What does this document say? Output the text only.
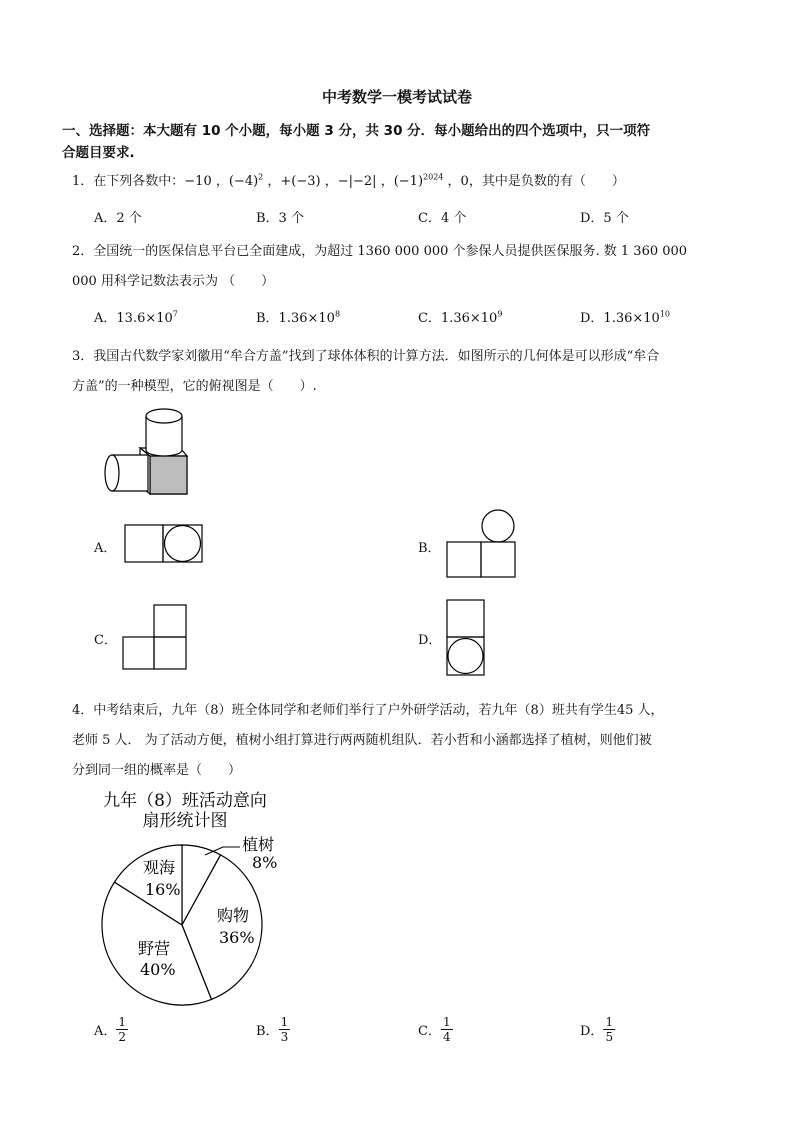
中考数学一模考试试卷
一、选择题：本大题有 10 个小题，每小题 3 分，共 30 分．每小题给出的四个选项中，只一项符
合题目要求.
1．在下列各数中：−10 ，$(-4)^2$ ，+(−3) ，−|−2| ，$(-1)^{2024}$ ，0，其中是负数的有（　　）
A．2 个	B．3 个	C．4 个	D．5 个
2．全国统一的医保信息平台已全面建成，为超过 1360 000 000 个参保人员提供医保服务. 数 1 360 000
000 用科学记数法表示为 （　　）
A．$13.6\times 10^7$	B．$1.36\times 10^8$	C．$1.36\times 10^9$	D．$1.36\times 10^{10}$
3．我国古代数学家刘徽用“牟合方盖”找到了球体体积的计算方法．如图所示的几何体是可以形成“牟合
方盖”的一种模型，它的俯视图是（　　）.
A．	B．
C．	D．
4．中考结束后，九年（8）班全体同学和老师们举行了户外研学活动，若九年（8）班共有学生45 人，
老师 5 人． 为了活动方便，植树小组打算进行两两随机组队．若小哲和小涵都选择了植树，则他们被
分到同一组的概率是（　　）
九年（8）班活动意向
扇形统计图
植树
8%
购物
36%
野营
40%
观海
16%
A． $\frac{1}{2}$	B． $\frac{1}{3}$	C． $\frac{1}{4}$	D． $\frac{1}{5}$
